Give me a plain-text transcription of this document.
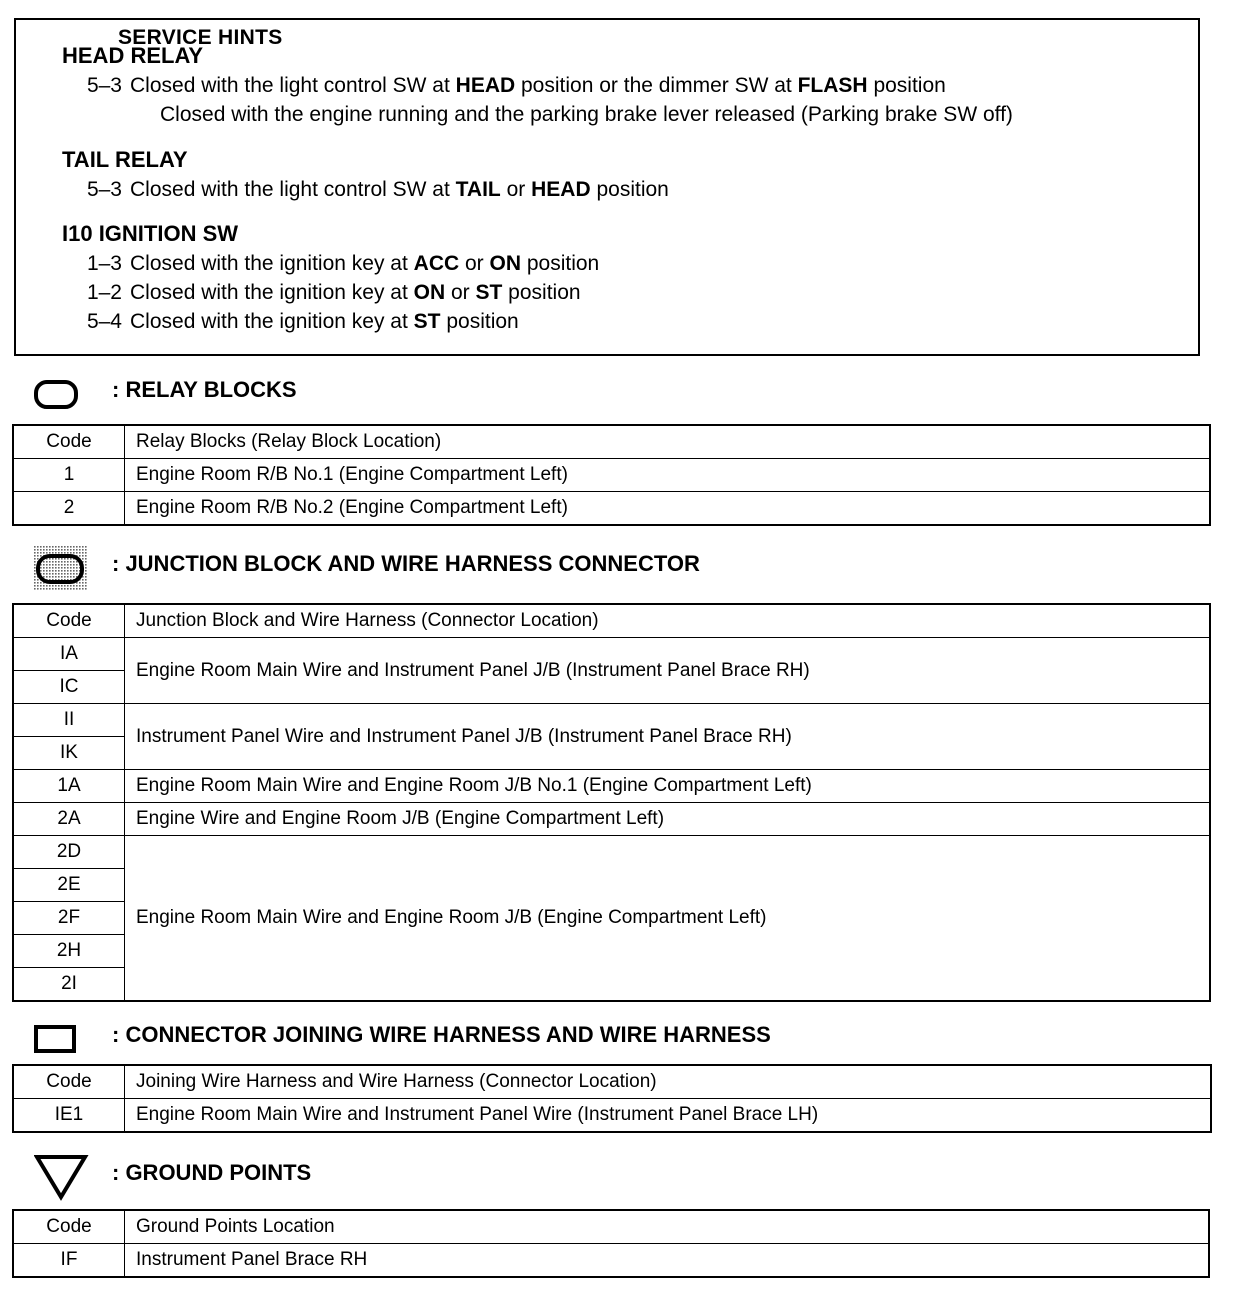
SERVICE HINTS
HEAD RELAY
5–3 Closed with the light control SW at HEAD position or the dimmer SW at FLASH position
Closed with the engine running and the parking brake lever released (Parking brake SW off)
TAIL RELAY
5–3 Closed with the light control SW at TAIL or HEAD position
I10 IGNITION SW
1–3 Closed with the ignition key at ACC or ON position
1–2 Closed with the ignition key at ON or ST position
5–4 Closed with the ignition key at ST position
: RELAY BLOCKS
Code	Relay Blocks (Relay Block Location)
1	Engine Room R/B No.1 (Engine Compartment Left)
2	Engine Room R/B No.2 (Engine Compartment Left)
: JUNCTION BLOCK AND WIRE HARNESS CONNECTOR
Code	Junction Block and Wire Harness (Connector Location)
IA	Engine Room Main Wire and Instrument Panel J/B (Instrument Panel Brace RH)
IC	
II	Instrument Panel Wire and Instrument Panel J/B (Instrument Panel Brace RH)
IK	
1A	Engine Room Main Wire and Engine Room J/B No.1 (Engine Compartment Left)
2A	Engine Wire and Engine Room J/B (Engine Compartment Left)
2D	Engine Room Main Wire and Engine Room J/B (Engine Compartment Left)
2E	
2F	
2H	
2I	
: CONNECTOR JOINING WIRE HARNESS AND WIRE HARNESS
Code	Joining Wire Harness and Wire Harness (Connector Location)
IE1	Engine Room Main Wire and Instrument Panel Wire (Instrument Panel Brace LH)
: GROUND POINTS
Code	Ground Points Location
IF	Instrument Panel Brace RH
